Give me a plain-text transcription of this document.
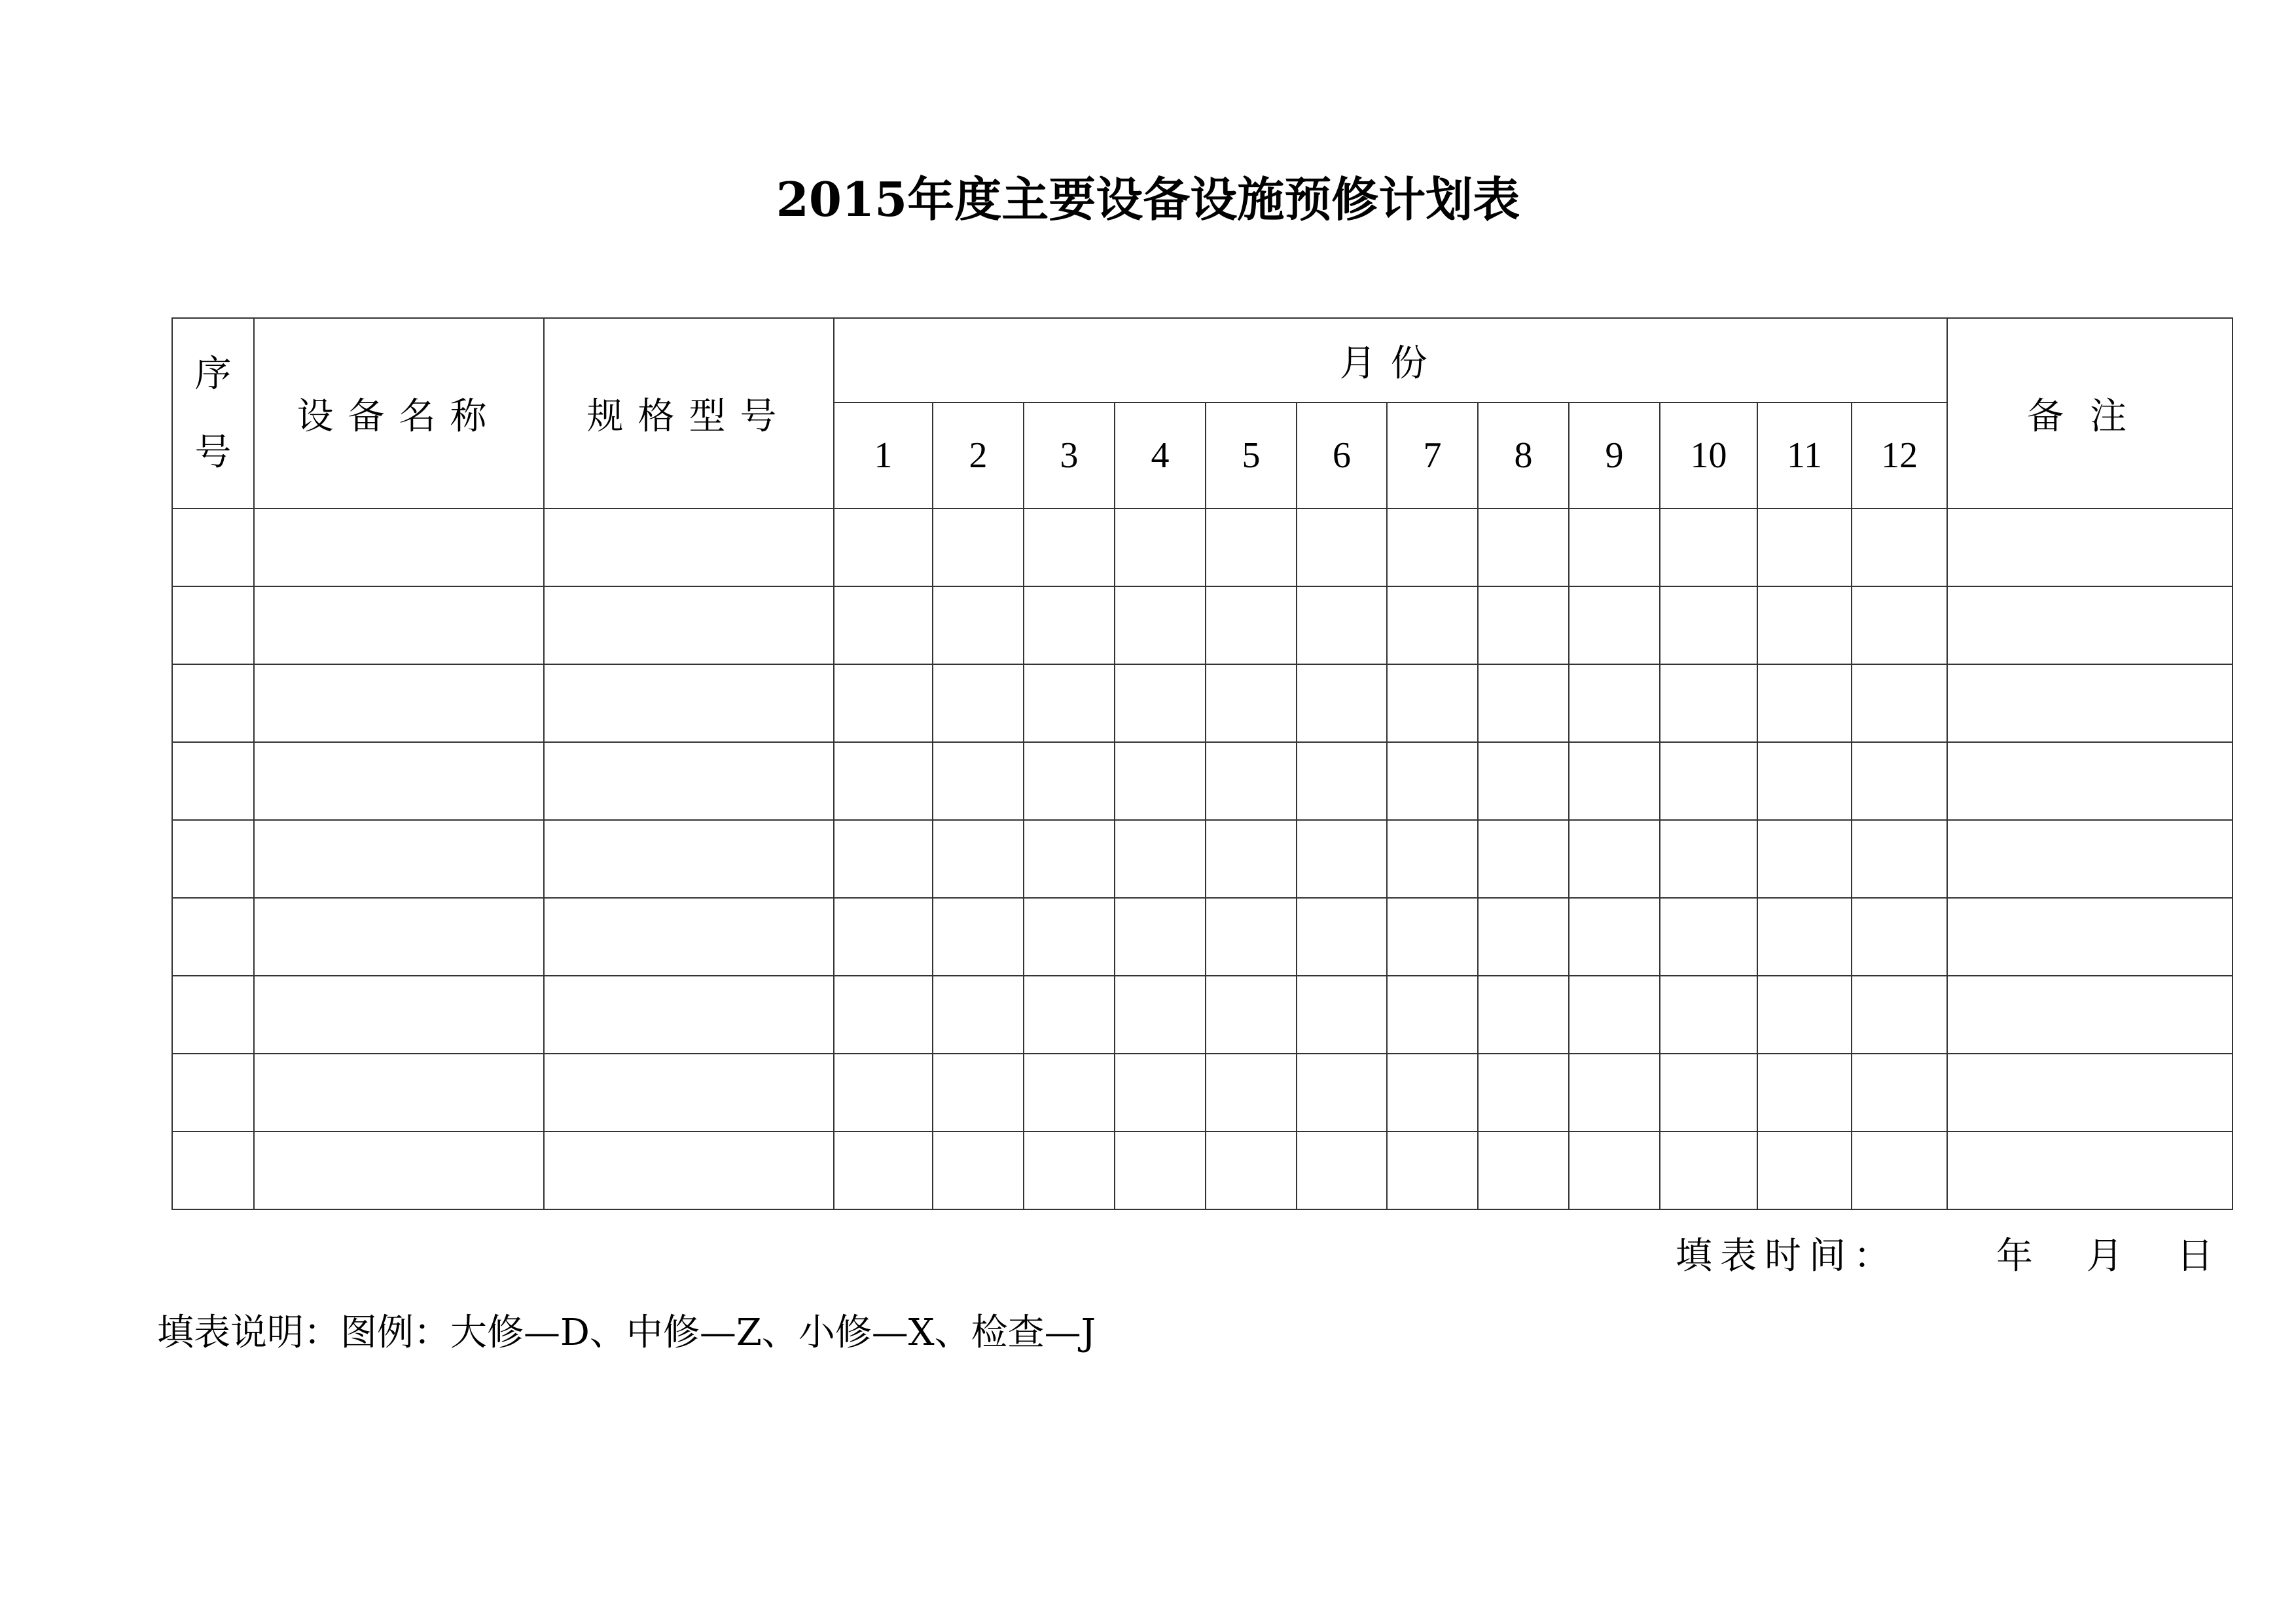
2015年度主要设备设施预修计划表
序
号	设备名称	规格型号	月份												备注
			1	2	3	4	5	6	7	8	9	10	11	12	

填表时间：	年 月 日
填表说明：图例：大修—D、中修—Z、小修—X、检查—J
